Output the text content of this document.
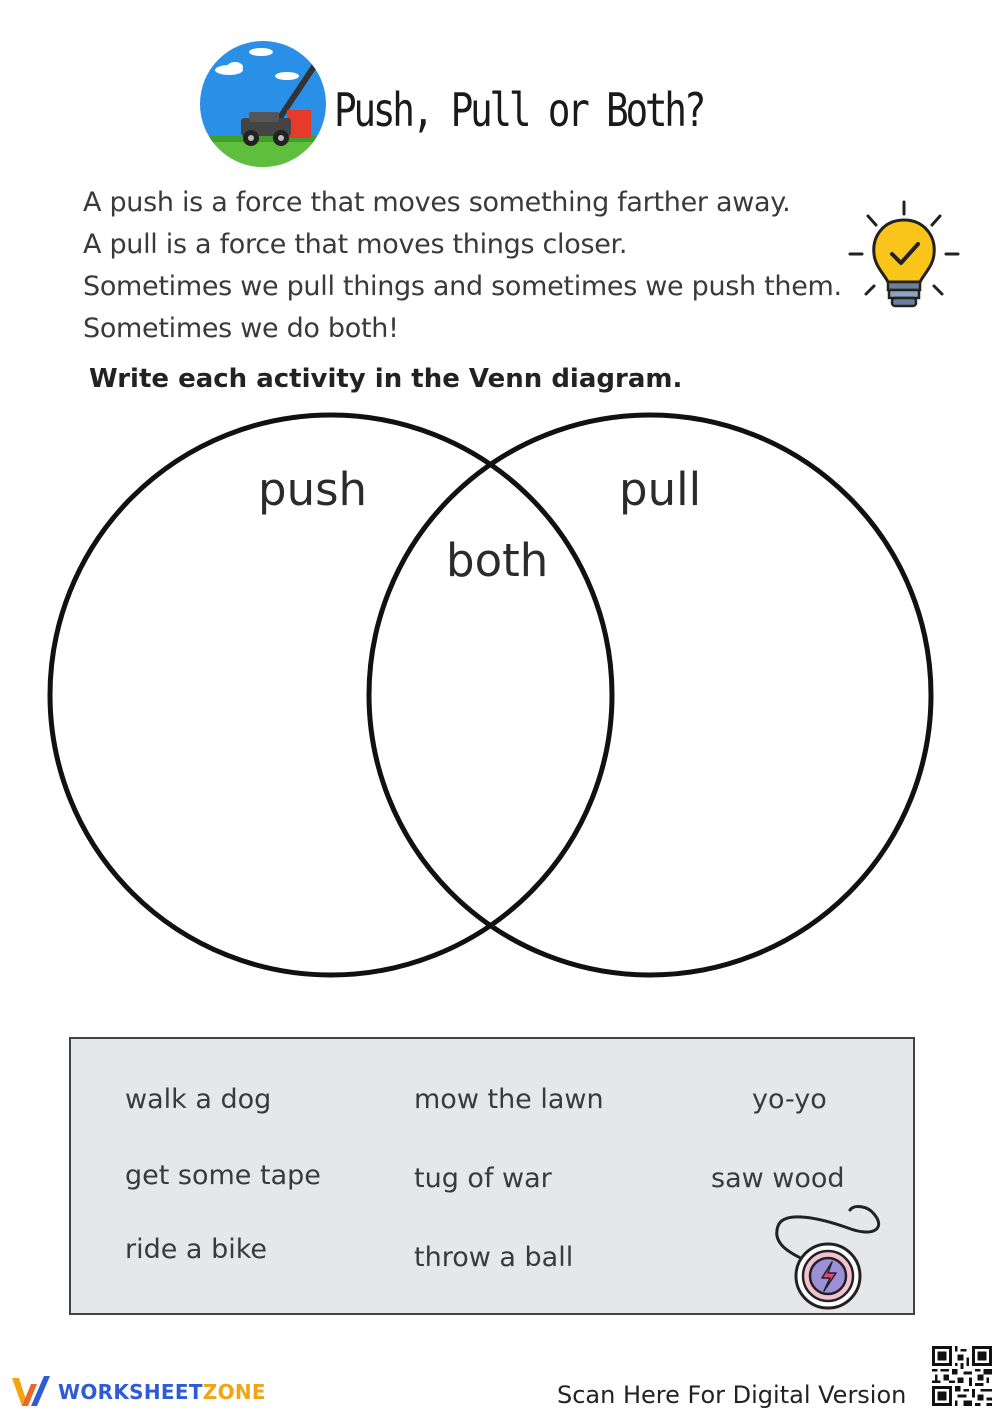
Push, Pull or Both?
A push is a force that moves something farther away.
A pull is a force that moves things closer.
Sometimes we pull things and sometimes we push them.
Sometimes we do both!
Write each activity in the Venn diagram.
push
both
pull
walk a dog	mow the lawn	yo-yo
get some tape	tug of war	saw wood
ride a bike	throw a ball
WORKSHEETZONE	Scan Here For Digital Version
